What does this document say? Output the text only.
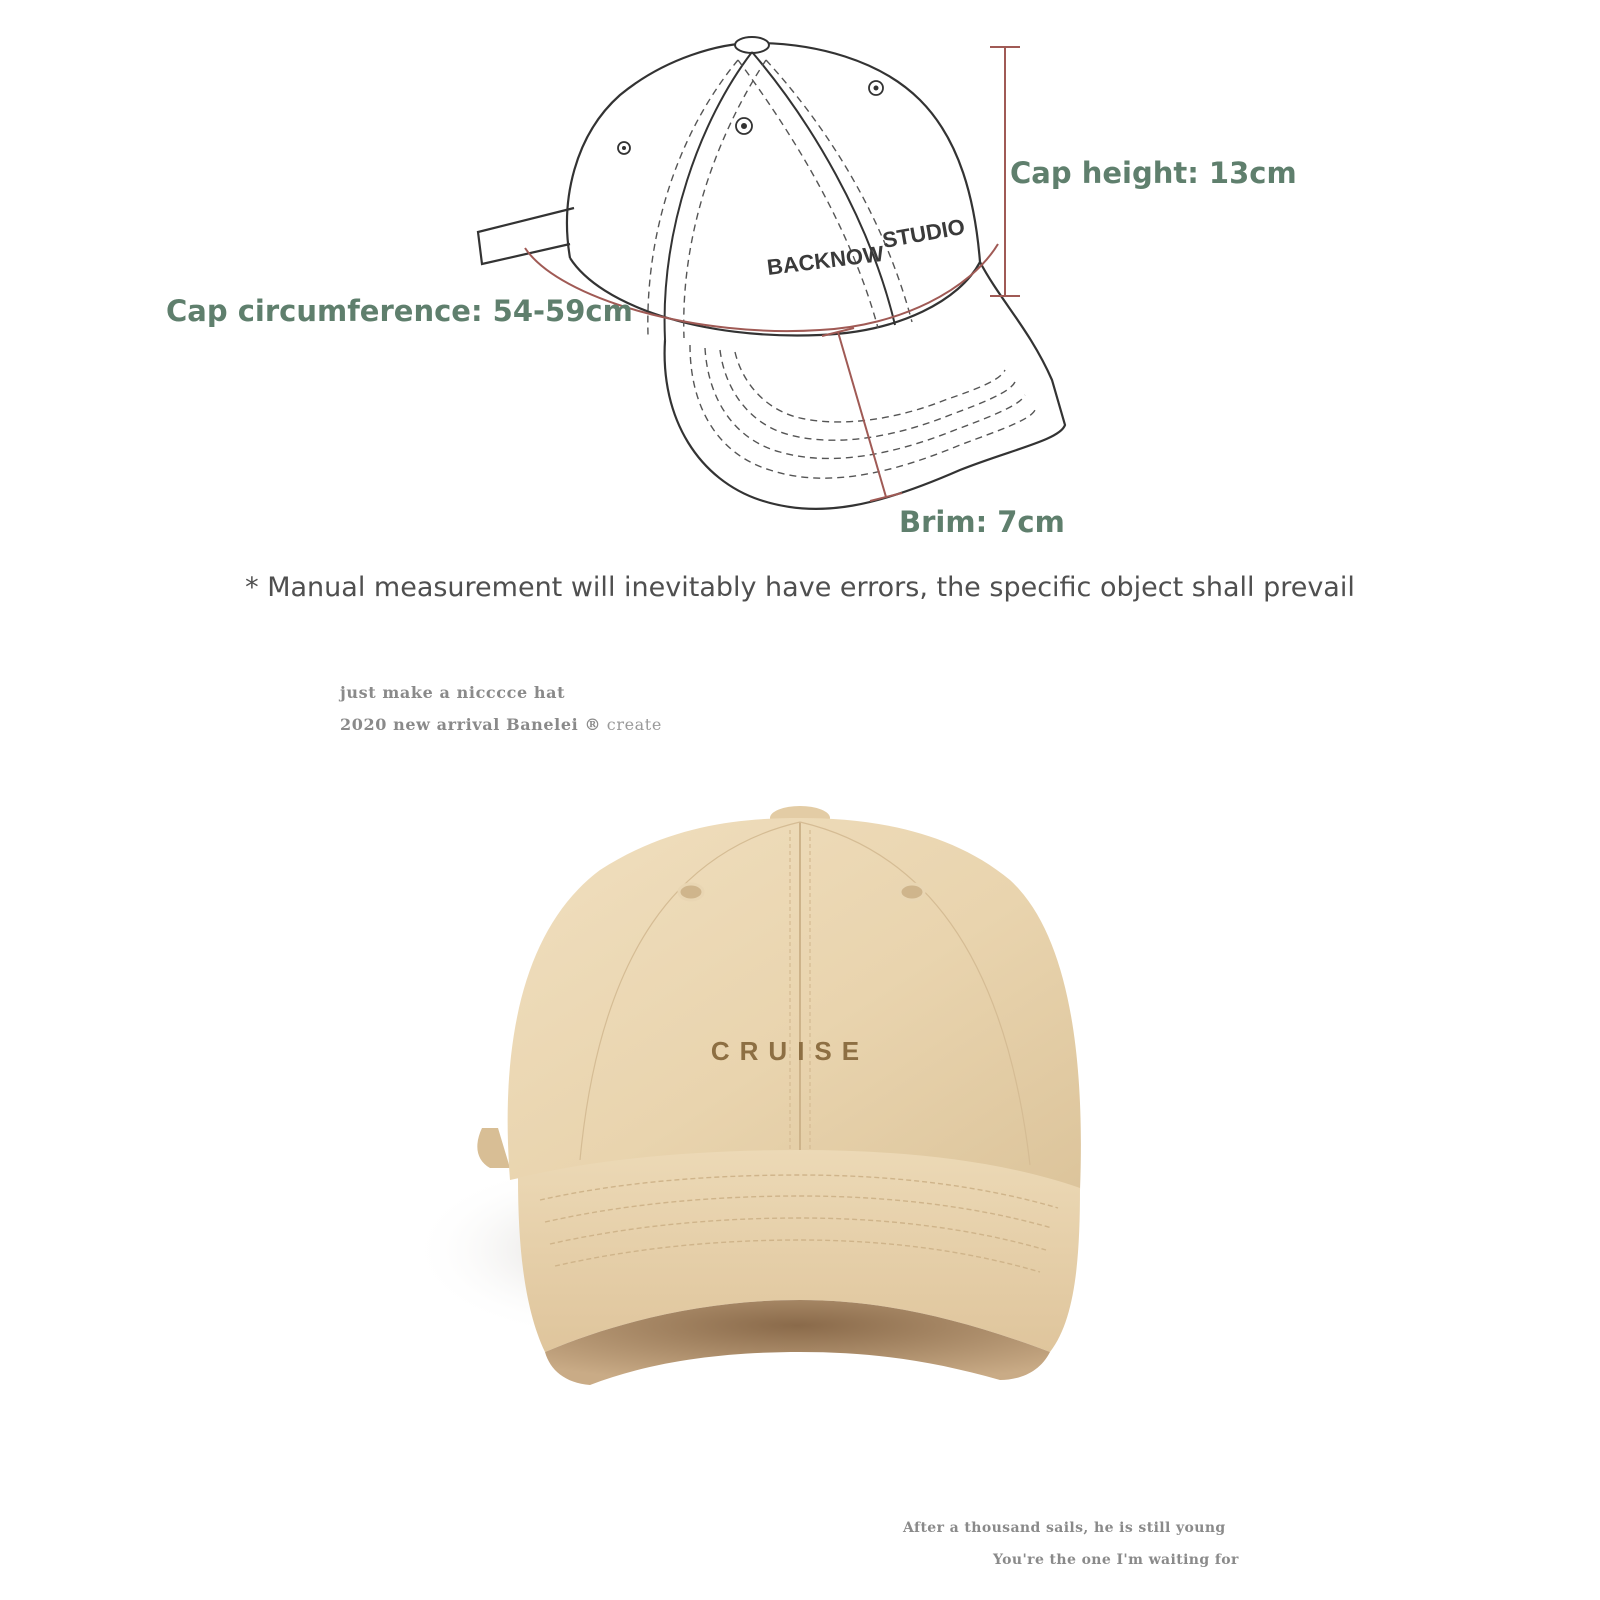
BACKNOW
STUDIO
Cap height: 13cm
Cap circumference: 54-59cm
Brim: 7cm
* Manual measurement will inevitably have errors, the specific object shall prevail
just make a nicccce hat
2020 new arrival Banelei ® create
CRUISE
After a thousand sails, he is still young
You're the one I'm waiting for
